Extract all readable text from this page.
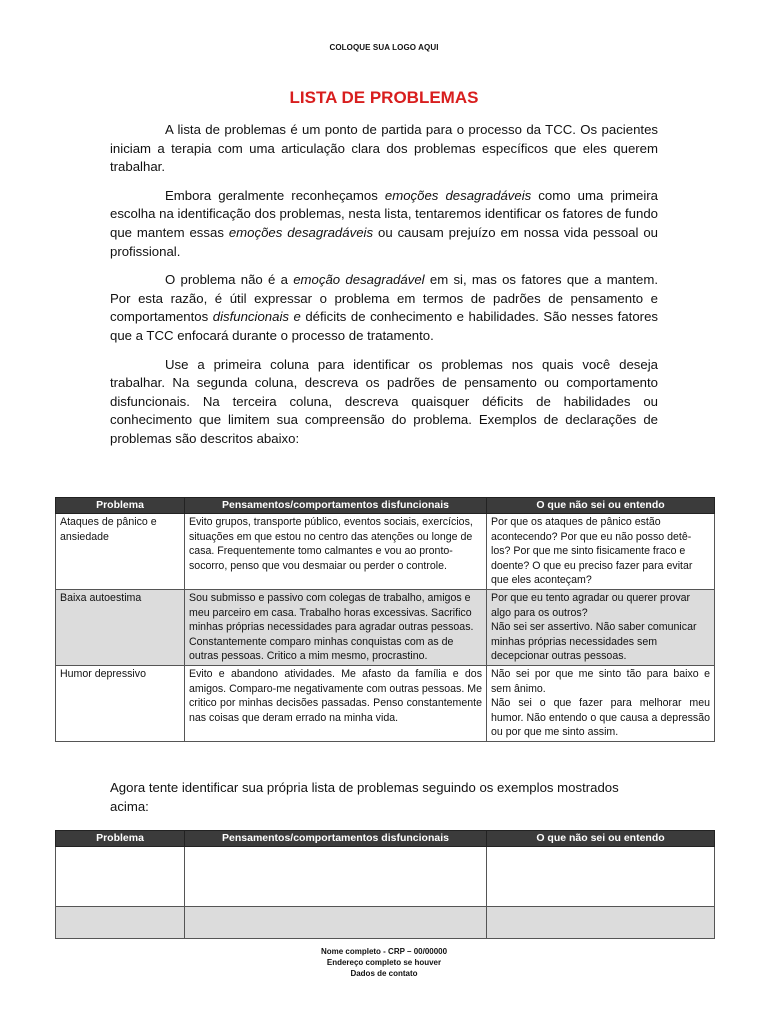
COLOQUE SUA LOGO AQUI
LISTA DE PROBLEMAS

A lista de problemas é um ponto de partida para o processo da TCC. Os pacientes iniciam a terapia com uma articulação clara dos problemas específicos que eles querem trabalhar.

Embora geralmente reconheçamos emoções desagradáveis como uma primeira escolha na identificação dos problemas, nesta lista, tentaremos identificar os fatores de fundo que mantem essas emoções desagradáveis ou causam prejuízo em nossa vida pessoal ou profissional.

O problema não é a emoção desagradável em si, mas os fatores que a mantem. Por esta razão, é útil expressar o problema em termos de padrões de pensamento e comportamentos disfuncionais e déficits de conhecimento e habilidades. São nesses fatores que a TCC enfocará durante o processo de tratamento.

Use a primeira coluna para identificar os problemas nos quais você deseja trabalhar. Na segunda coluna, descreva os padrões de pensamento ou comportamento disfuncionais. Na terceira coluna, descreva quaisquer déficits de habilidades ou conhecimento que limitem sua compreensão do problema. Exemplos de declarações de problemas são descritos abaixo:

Problema	Pensamentos/comportamentos disfuncionais	O que não sei ou entendo
Ataques de pânico e ansiedade	Evito grupos, transporte público, eventos sociais, exercícios, situações em que estou no centro das atenções ou longe de casa. Frequentemente tomo calmantes e vou ao pronto-socorro, penso que vou desmaiar ou perder o controle.	Por que os ataques de pânico estão acontecendo? Por que eu não posso detê-los? Por que me sinto fisicamente fraco e doente? O que eu preciso fazer para evitar que eles aconteçam?
Baixa autoestima	Sou submisso e passivo com colegas de trabalho, amigos e meu parceiro em casa. Trabalho horas excessivas. Sacrifico minhas próprias necessidades para agradar outras pessoas. Constantemente comparo minhas conquistas com as de outras pessoas. Critico a mim mesmo, procrastino.	Por que eu tento agradar ou querer provar algo para os outros?
Não sei ser assertivo. Não saber comunicar minhas próprias necessidades sem decepcionar outras pessoas.
Humor depressivo	Evito e abandono atividades. Me afasto da família e dos amigos. Comparo-me negativamente com outras pessoas. Me critico por minhas decisões passadas. Penso constantemente nas coisas que deram errado na minha vida.	Não sei por que me sinto tão para baixo e sem ânimo.
Não sei o que fazer para melhorar meu humor. Não entendo o que causa a depressão ou por que me sinto assim.

Agora tente identificar sua própria lista de problemas seguindo os exemplos mostrados acima:

Problema	Pensamentos/comportamentos disfuncionais	O que não sei ou entendo

Nome completo - CRP – 00/00000
Endereço completo se houver
Dados de contato
